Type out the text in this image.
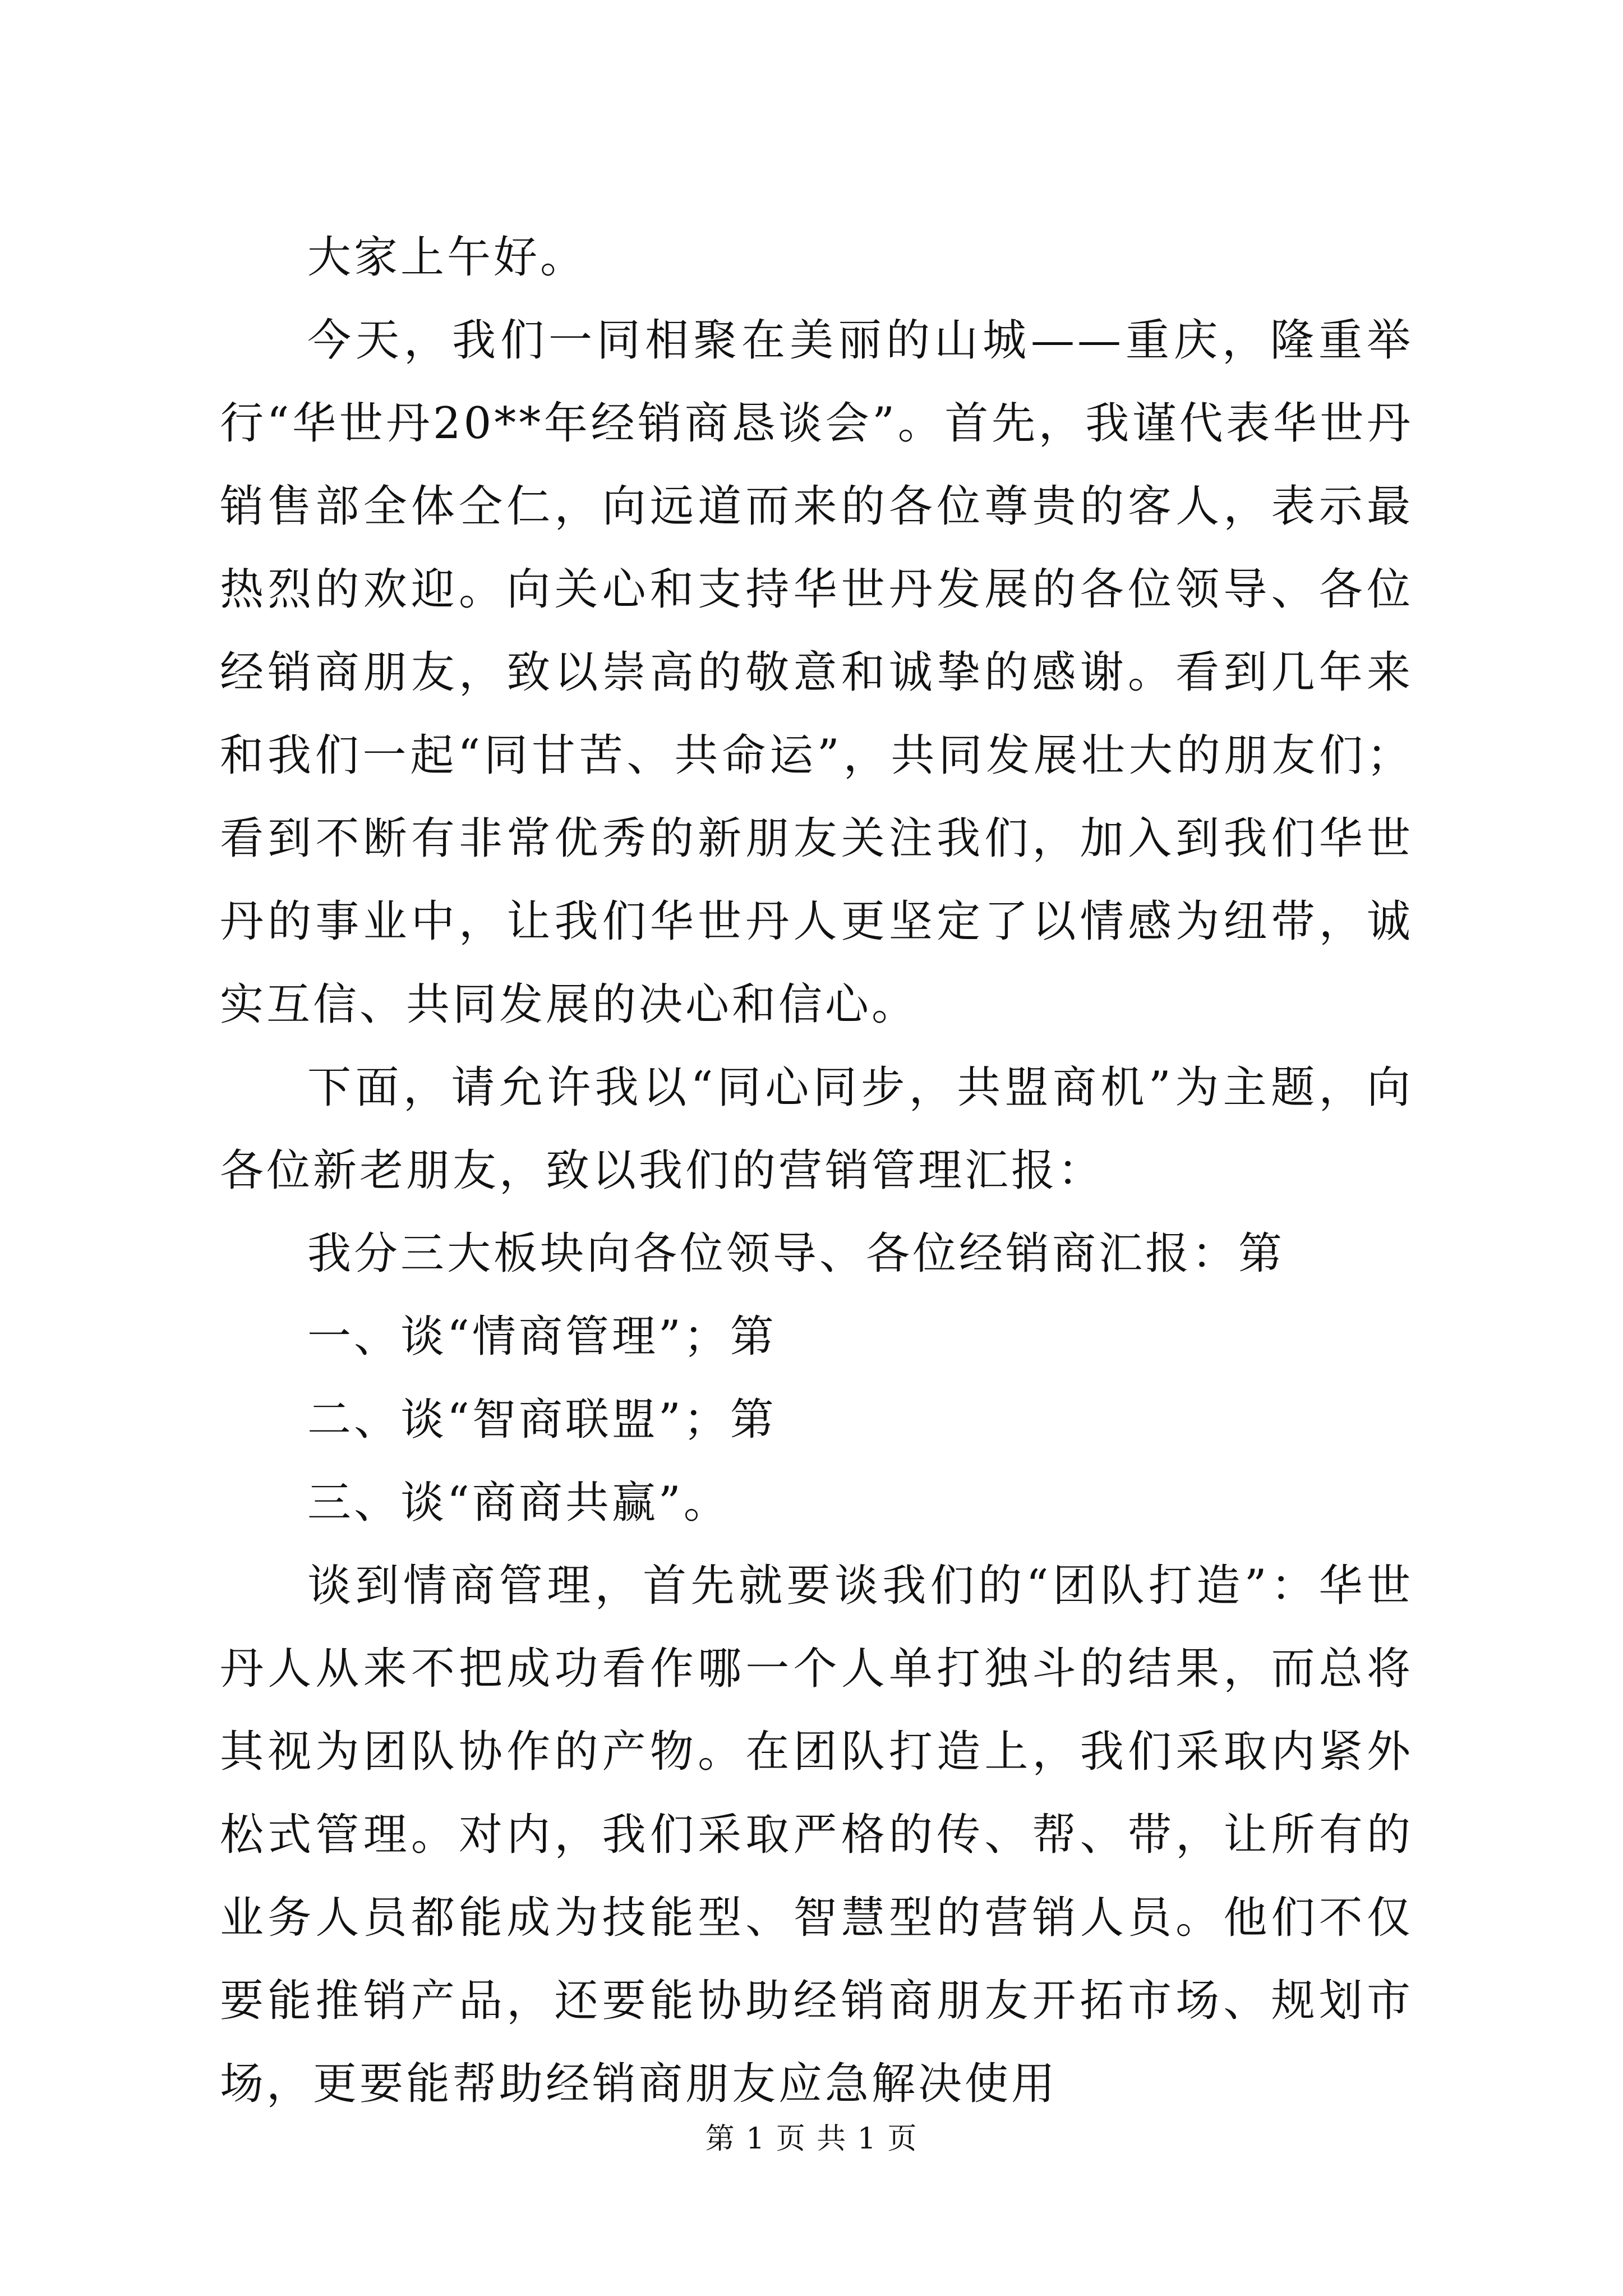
大家上午好。

今天，我们一同相聚在美丽的山城——重庆，隆重举行“华世丹20**年经销商恳谈会”。首先，我谨代表华世丹销售部全体仝仁，向远道而来的各位尊贵的客人，表示最热烈的欢迎。向关心和支持华世丹发展的各位领导、各位经销商朋友，致以崇高的敬意和诚挚的感谢。看到几年来和我们一起“同甘苦、共命运”，共同发展壮大的朋友们；看到不断有非常优秀的新朋友关注我们，加入到我们华世丹的事业中，让我们华世丹人更坚定了以情感为纽带，诚实互信、共同发展的决心和信心。

下面，请允许我以“同心同步，共盟商机”为主题，向各位新老朋友，致以我们的营销管理汇报：

我分三大板块向各位领导、各位经销商汇报：第

一、谈“情商管理”；第

二、谈“智商联盟”；第

三、谈“商商共赢”。

谈到情商管理，首先就要谈我们的“团队打造”：华世丹人从来不把成功看作哪一个人单打独斗的结果，而总将其视为团队协作的产物。在团队打造上，我们采取内紧外松式管理。对内，我们采取严格的传、帮、带，让所有的业务人员都能成为技能型、智慧型的营销人员。他们不仅要能推销产品，还要能协助经销商朋友开拓市场、规划市场，更要能帮助经销商朋友应急解决使用

第 1 页 共 1 页
